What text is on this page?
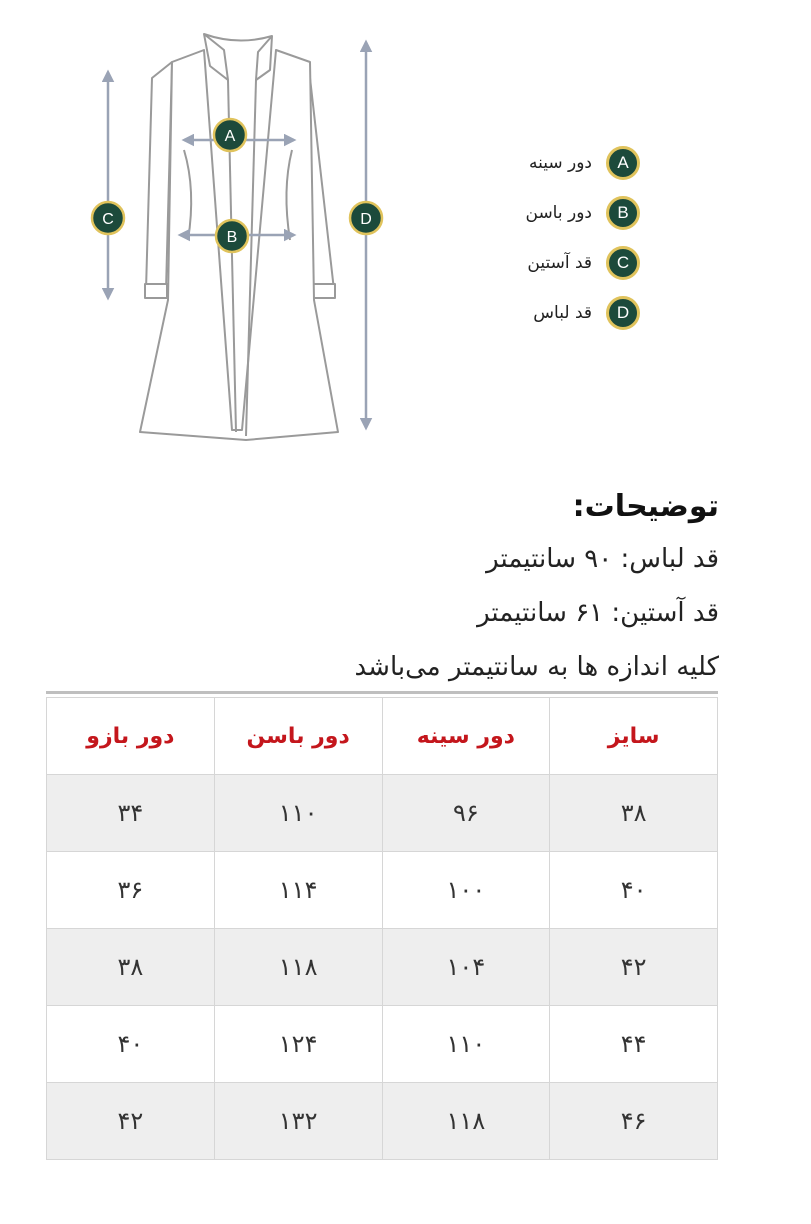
A
B
C	D
دور سینه	A
دور باسن	B
قد آستین	C
قد لباس	D
توضیحات:
قد لباس: ۹۰ سانتیمتر
قد آستین: ۶۱ سانتیمتر
کلیه اندازه ها به سانتیمتر می‌باشد
سایز	دور سینه	دور باسن	دور بازو
۳۸	۹۶	۱۱۰	۳۴
۴۰	۱۰۰	۱۱۴	۳۶
۴۲	۱۰۴	۱۱۸	۳۸
۴۴	۱۱۰	۱۲۴	۴۰
۴۶	۱۱۸	۱۳۲	۴۲
